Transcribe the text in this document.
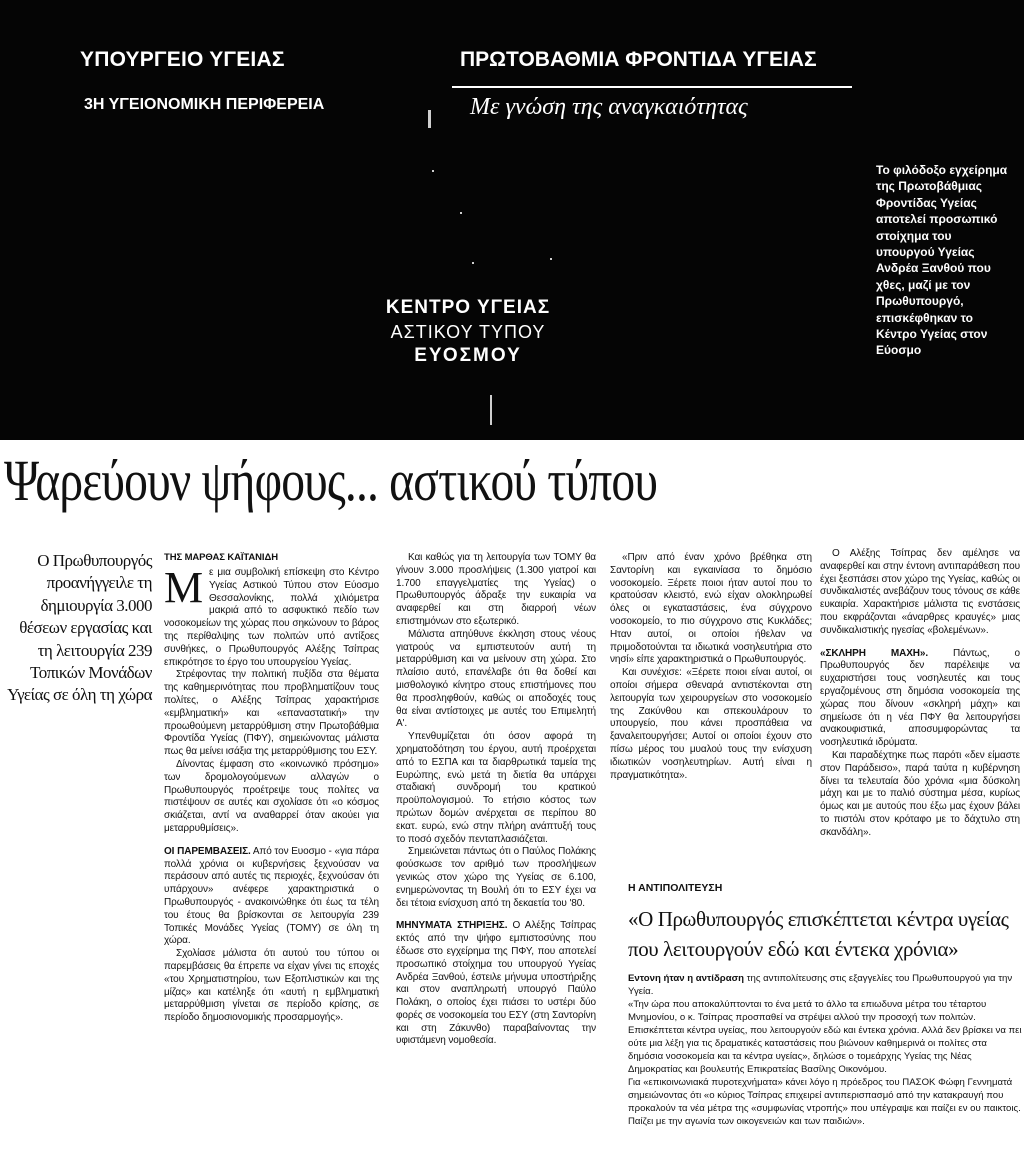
ΥΠΟΥΡΓΕΙΟ ΥΓΕΙΑΣ
3Η ΥΓΕΙΟΝΟΜΙΚΗ ΠΕΡΙΦΕΡΕΙΑ
ΠΡΩΤΟΒΑΘΜΙΑ ΦΡΟΝΤΙΔΑ ΥΓΕΙΑΣ
Με γνώση της αναγκαιότητας
ΚΕΝΤΡΟ ΥΓΕΙΑΣ
ΑΣΤΙΚΟΥ ΤΥΠΟΥ
ΕΥΟΣΜΟΥ
Το φιλόδοξο εγχείρημα της Πρωτοβάθμιας Φροντίδας Υγείας αποτελεί προσωπικό στοίχημα του υπουργού Υγείας Ανδρέα Ξανθού που χθες, μαζί με τον Πρωθυπουργό, επισκέφθηκαν το Κέντρο Υγείας στον Εύοσμο
Ψαρεύουν ψήφους... αστικού τύπου
Ο Πρωθυπουργός προανήγγειλε τη δημιουργία 3.000 θέσεων εργασίας και τη λειτουργία 239 Τοπικών Μονάδων Υγείας σε όλη τη χώρα

ΤΗΣ ΜΑΡΘΑΣ ΚΑΪΤΑΝΙΔΗ

Με μια συμβολική επίσκεψη στο Κέντρο Υγείας Αστικού Τύπου στον Εύοσμο Θεσσαλονίκης, πολλά χιλιόμετρα μακριά από το ασφυκτικό πεδίο των νοσοκομείων της χώρας που σηκώνουν το βάρος της περίθαλψης των πολιτών υπό αντίξοες συνθήκες, ο Πρωθυπουργός Αλέξης Τσίπρας επικρότησε το έργο του υπουργείου Υγείας.

Στρέφοντας την πολιτική πυξίδα στα θέματα της καθημερινότητας που προβληματίζουν τους πολίτες, ο Αλέξης Τσίπρας χαρακτήρισε «εμβληματική» και «επαναστατική» την προωθούμενη μεταρρύθμιση στην Πρωτοβάθμια Φροντίδα Υγείας (ΠΦΥ), σημειώνοντας μάλιστα πως θα μείνει ισάξια της μεταρρύθμισης του ΕΣΥ.

Δίνοντας έμφαση στο «κοινωνικό πρόσημο» των δρομολογούμενων αλλαγών ο Πρωθυπουργός προέτρεψε τους πολίτες να πιστέψουν σε αυτές και σχολίασε ότι «ο κόσμος σκιάζεται, αντί να αναθαρρεί όταν ακούει για μεταρρυθμίσεις».

ΟΙ ΠΑΡΕΜΒΑΣΕΙΣ. Από τον Ευοσμο - «για πάρα πολλά χρόνια οι κυβερνήσεις ξεχνούσαν να περάσουν από αυτές τις περιοχές, ξεχνούσαν ότι υπάρχουν» ανέφερε χαρακτηριστικά ο Πρωθυπουργός - ανακοινώθηκε ότι έως τα τέλη του έτους θα βρίσκονται σε λειτουργία 239 Τοπικές Μονάδες Υγείας (ΤΟΜΥ) σε όλη τη χώρα.

Σχολίασε μάλιστα ότι αυτού του τύπου οι παρεμβάσεις θα έπρεπε να είχαν γίνει τις εποχές «του Χρηματιστηρίου, των Εξοπλιστικών και της μίζας» και κατέληξε ότι «αυτή η εμβληματική μεταρρύθμιση γίνεται σε περίοδο κρίσης, σε περίοδο δημοσιονομικής προσαρμογής».

Και καθώς για τη λειτουργία των ΤΟΜΥ θα γίνουν 3.000 προσλήψεις (1.300 γιατροί και 1.700 επαγγελματίες της Υγείας) ο Πρωθυπουργός άδραξε την ευκαιρία να αναφερθεί και στη διαρροή νέων επιστημόνων στο εξωτερικό.

Μάλιστα απηύθυνε έκκληση στους νέους γιατρούς να εμπιστευτούν αυτή τη μεταρρύθμιση και να μείνουν στη χώρα. Στο πλαίσιο αυτό, επανέλαβε ότι θα δοθεί και μισθολογικό κίνητρο στους επιστήμονες που θα προσληφθούν, καθώς οι αποδοχές τους θα είναι αντίστοιχες με αυτές του Επιμελητή Α'.

Υπενθυμίζεται ότι όσον αφορά τη χρηματοδότηση του έργου, αυτή προέρχεται από το ΕΣΠΑ και τα διαρθρωτικά ταμεία της Ευρώπης, ενώ μετά τη διετία θα υπάρχει σταδιακή συνδρομή του κρατικού προϋπολογισμού. Το ετήσιο κόστος των πρώτων δομών ανέρχεται σε περίπου 80 εκατ. ευρώ, ενώ στην πλήρη ανάπτυξή τους το ποσό σχεδόν πενταπλασιάζεται.

Σημειώνεται πάντως ότι ο Παύλος Πολάκης φούσκωσε τον αριθμό των προσλήψεων γενικώς στον χώρο της Υγείας σε 6.100, ενημερώνοντας τη Βουλή ότι το ΕΣΥ έχει να δει τέτοια ενίσχυση από τη δεκαετία του '80.

ΜΗΝΥΜΑΤΑ ΣΤΗΡΙΞΗΣ. Ο Αλέξης Τσίπρας εκτός από την ψήφο εμπιστοσύνης που έδωσε στο εγχείρημα της ΠΦΥ, που αποτελεί προσωπικό στοίχημα του υπουργού Υγείας Ανδρέα Ξανθού, έστειλε μήνυμα υποστήριξης και στον αναπληρωτή υπουργό Παύλο Πολάκη, ο οποίος έχει πιάσει το υστέρι δύο φορές σε νοσοκομεία του ΕΣΥ (στη Σαντορίνη και στη Ζάκυνθο) παραβαίνοντας την υφιστάμενη νομοθεσία.

«Πριν από έναν χρόνο βρέθηκα στη Σαντορίνη και εγκαινίασα το δημόσιο νοσοκομείο. Ξέρετε ποιοι ήταν αυτοί που το κρατούσαν κλειστό, ενώ είχαν ολοκληρωθεί όλες οι εγκαταστάσεις, ένα σύγχρονο νοσοκομείο, το πιο σύγχρονο στις Κυκλάδες; Ηταν αυτοί, οι οποίοι ήθελαν να πριμοδοτούνται τα ιδιωτικά νοσηλευτήρια στο νησί» είπε χαρακτηριστικά ο Πρωθυπουργός.

Και συνέχισε: «Ξέρετε ποιοι είναι αυτοί, οι οποίοι σήμερα σθεναρά αντιστέκονται στη λειτουργία των χειρουργείων στο νοσοκομείο της Ζακύνθου και σπεκουλάρουν το υπουργείο, που κάνει προσπάθεια να ξαναλειτουργήσει; Αυτοί οι οποίοι έχουν στο πίσω μέρος του μυαλού τους την ενίσχυση ιδιωτικών νοσηλευτηρίων. Αυτή είναι η πραγματικότητα».

Ο Αλέξης Τσίπρας δεν αμέλησε να αναφερθεί και στην έντονη αντιπαράθεση που έχει ξεσπάσει στον χώρο της Υγείας, καθώς οι συνδικαλιστές ανεβάζουν τους τόνους σε κάθε ευκαιρία. Χαρακτήρισε μάλιστα τις ενστάσεις που εκφράζονται «άναρθρες κραυγές» μιας συνδικαλιστικής ηγεσίας «βολεμένων».

«ΣΚΛΗΡΗ ΜΑΧΗ». Πάντως, ο Πρωθυπουργός δεν παρέλειψε να ευχαριστήσει τους νοσηλευτές και τους εργαζομένους στη δημόσια νοσοκομεία της χώρας που δίνουν «σκληρή μάχη» και σημείωσε ότι η νέα ΠΦΥ θα λειτουργήσει ανακουφιστικά, αποσυμφορώντας τα νοσηλευτικά ιδρύματα.

Και παραδέχτηκε πως παρότι «δεν είμαστε στον Παράδεισο», παρά ταύτα η κυβέρνηση δίνει τα τελευταία δύο χρόνια «μια δύσκολη μάχη και με το παλιό σύστημα μέσα, κυρίως όμως και με αυτούς που έξω μας έχουν βάλει το πιστόλι στον κρόταφο με το δάχτυλο στη σκανδάλη».

Η ΑΝΤΙΠΟΛΙΤΕΥΣΗ
«Ο Πρωθυπουργός επισκέπτεται κέντρα υγείας που λειτουργούν εδώ και έντεκα χρόνια»

Εντονη ήταν η αντίδραση της αντιπολίτευσης στις εξαγγελίες του Πρωθυπουργού για την Υγεία.

«Την ώρα που αποκαλύπτονται το ένα μετά το άλλο τα επιωδυνα μέτρα του τέταρτου Μνημονίου, ο κ. Τσίπρας προσπαθεί να στρέψει αλλού την προσοχή των πολιτών. Επισκέπτεται κέντρα υγείας, που λειτουργούν εδώ και έντεκα χρόνια. Αλλά δεν βρίσκει να πει ούτε μια λέξη για τις δραματικές καταστάσεις που βιώνουν καθημερινά οι πολίτες στα δημόσια νοσοκομεία και τα κέντρα υγείας», δηλώσε ο τομεάρχης Υγείας της Νέας Δημοκρατίας και βουλευτής Επικρατείας Βασίλης Οικονόμου.

Για «επικοινωνιακά πυροτεχνήματα» κάνει λόγο η πρόεδρος του ΠΑΣΟΚ Φώφη Γεννηματά σημειώνοντας ότι «ο κύριος Τσίπρας επιχειρεί αντιπερισπασμό από την κατακραυγή που προκαλούν τα νέα μέτρα της «συμφωνίας ντροπής» που υπέγραψε και παίζει εν ου παικτοις. Παίζει με την αγωνία των οικογενειών και των παιδιών».
